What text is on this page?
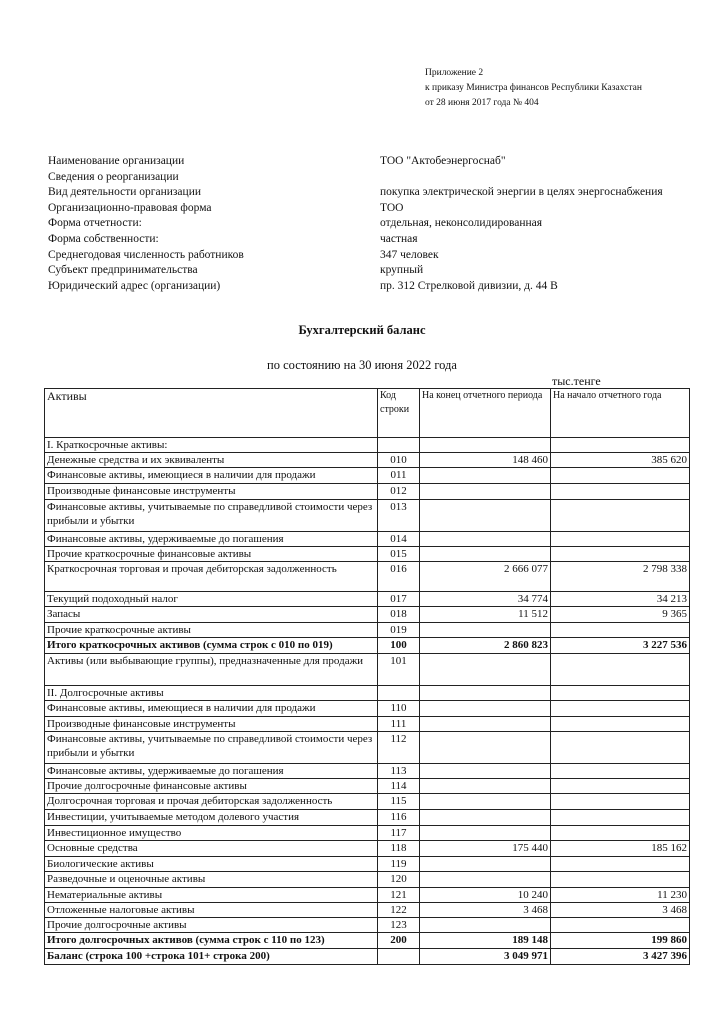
Приложение 2
к приказу Министра финансов Республики Казахстан
от 28 июня 2017 года № 404
Наименование организации	ТОО "Актобеэнергоснаб"
Сведения о реорганизации
Вид деятельности организации	покупка электрической энергии в целях энергоснабжения
Организационно-правовая форма	ТОО
Форма отчетности:	отдельная, неконсолидированная
Форма собственности:	частная
Среднегодовая численность работников	347 человек
Субъект предпринимательства	крупный
Юридический адрес (организации)	пр. 312 Стрелковой дивизии, д. 44 В
Бухгалтерский баланс
по состоянию на 30 июня 2022 года
тыс.тенге
Активы	Код строки	На конец отчетного периода	На начало отчетного года
I. Краткосрочные активы:			
Денежные средства и их эквиваленты	010	148 460	385 620
Финансовые активы, имеющиеся в наличии для продажи	011		
Производные финансовые инструменты	012		
Финансовые активы, учитываемые по справедливой стоимости через прибыли и убытки	013		
Финансовые активы, удерживаемые до погашения	014		
Прочие краткосрочные финансовые активы	015		
Краткосрочная торговая и прочая дебиторская задолженность	016	2 666 077	2 798 338
Текущий подоходный налог	017	34 774	34 213
Запасы	018	11 512	9 365
Прочие краткосрочные активы	019		
Итого краткосрочных активов (сумма строк с 010 по 019)	100	2 860 823	3 227 536
Активы (или выбывающие группы), предназначенные для продажи	101		
II. Долгосрочные активы			
Финансовые активы, имеющиеся в наличии для продажи	110		
Производные финансовые инструменты	111		
Финансовые активы, учитываемые по справедливой стоимости через прибыли и убытки	112		
Финансовые активы, удерживаемые до погашения	113		
Прочие долгосрочные финансовые активы	114		
Долгосрочная торговая и прочая дебиторская задолженность	115		
Инвестиции, учитываемые методом долевого участия	116		
Инвестиционное имущество	117		
Основные средства	118	175 440	185 162
Биологические активы	119		
Разведочные и оценочные активы	120		
Нематериальные активы	121	10 240	11 230
Отложенные налоговые активы	122	3 468	3 468
Прочие долгосрочные активы	123		
Итого долгосрочных активов (сумма строк с 110 по 123)	200	189 148	199 860
Баланс (строка 100 +строка 101+ строка 200)		3 049 971	3 427 396
